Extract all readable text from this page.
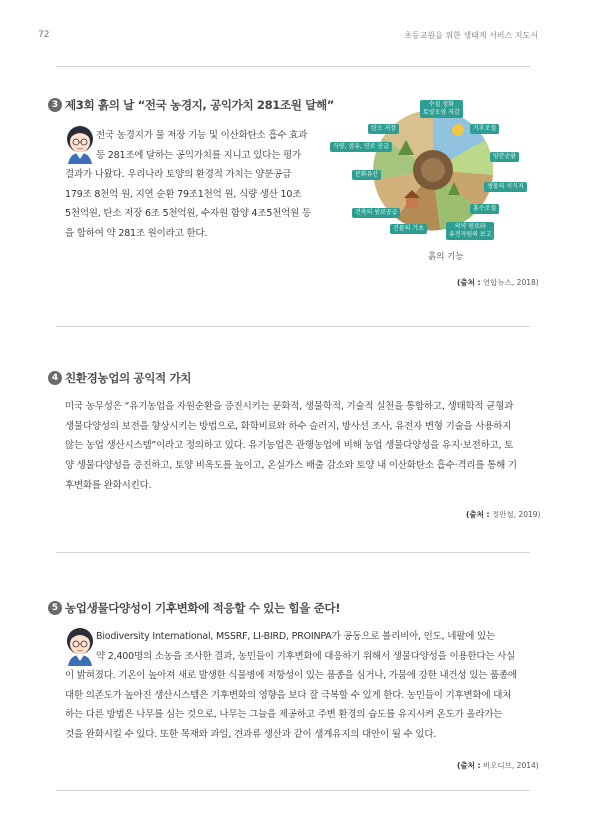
72	초등교원을 위한 생태계 서비스 지도서
3 제3회 흙의 날 “전국 농경지, 공익가치 281조원 달해”
전국 농경지가 물 저장 기능 및 이산화탄소 흡수 효과
등 281조에 달하는 공익가치를 지니고 있다는 평가
결과가 나왔다. 우리나라 토양의 환경적 가치는 양분공급
179조 8천억 원, 지연 순환 79조1천억 원, 식량 생산 10조
5천억원, 탄소 저장 6조 5천억원, 수자원 함양 4조5천억원 등
을 합하여 약 281조 원이라고 한다.
수질 정화
토양오염 저감
탄소 저장	기후조절
식량, 섬유, 연료 공급
양분순환
문화유산
생물의 서식지
건축의 원료공급
홍수조절
건물의 기초	의약 원료와
유전자원의 보고
흙의 기능
(출처 : 연합뉴스, 2018)
4 친환경농업의 공익적 가치
미국 농무성은 “유기농업을 자원순환을 증진시키는 문화적, 생물학적, 기술적 실천을 통합하고, 생태학적 균형과
생물다양성의 보전을 향상시키는 방법으로, 화학비료와 하수 슬러지, 방사선 조사, 유전자 변형 기술을 사용하지
않는 농업 생산시스템”이라고 정의하고 있다. 유기농업은 관행농업에 비해 농업 생물다양성을 유지·보전하고, 토
양 생물다양성을 증진하고, 토양 비옥도를 높이고, 온실가스 배출 감소와 토양 내 이산화탄소 흡수·격리를 통해 기
후변화를 완화시킨다.
(출처 : 정만철, 2019)
5 농업생물다양성이 기후변화에 적응할 수 있는 힘을 준다!
Biodiversity International, MSSRF, LI-BIRD, PROINPA가 공동으로 볼리비아, 인도, 네팔에 있는
약 2,400명의 소농을 조사한 결과, 농민들이 기후변화에 대응하기 위해서 생물다양성을 이용한다는 사실
이 밝혀졌다. 기온이 높아져 새로 발생한 식물병에 저항성이 있는 품종을 심거나, 가뭄에 강한 내건성 있는 품종에
대한 의존도가 높아진 생산시스템은 기후변화의 영향을 보다 잘 극복할 수 있게 한다. 농민들이 기후변화에 대처
하는 다른 방법은 나무를 심는 것으로, 나무는 그늘을 제공하고 주변 환경의 습도를 유지시켜 온도가 올라가는
것을 완화시킬 수 있다. 또한 목재와 과일, 견과류 생산과 같이 생계유지의 대안이 될 수 있다.
(출처 : 비오디브, 2014)
